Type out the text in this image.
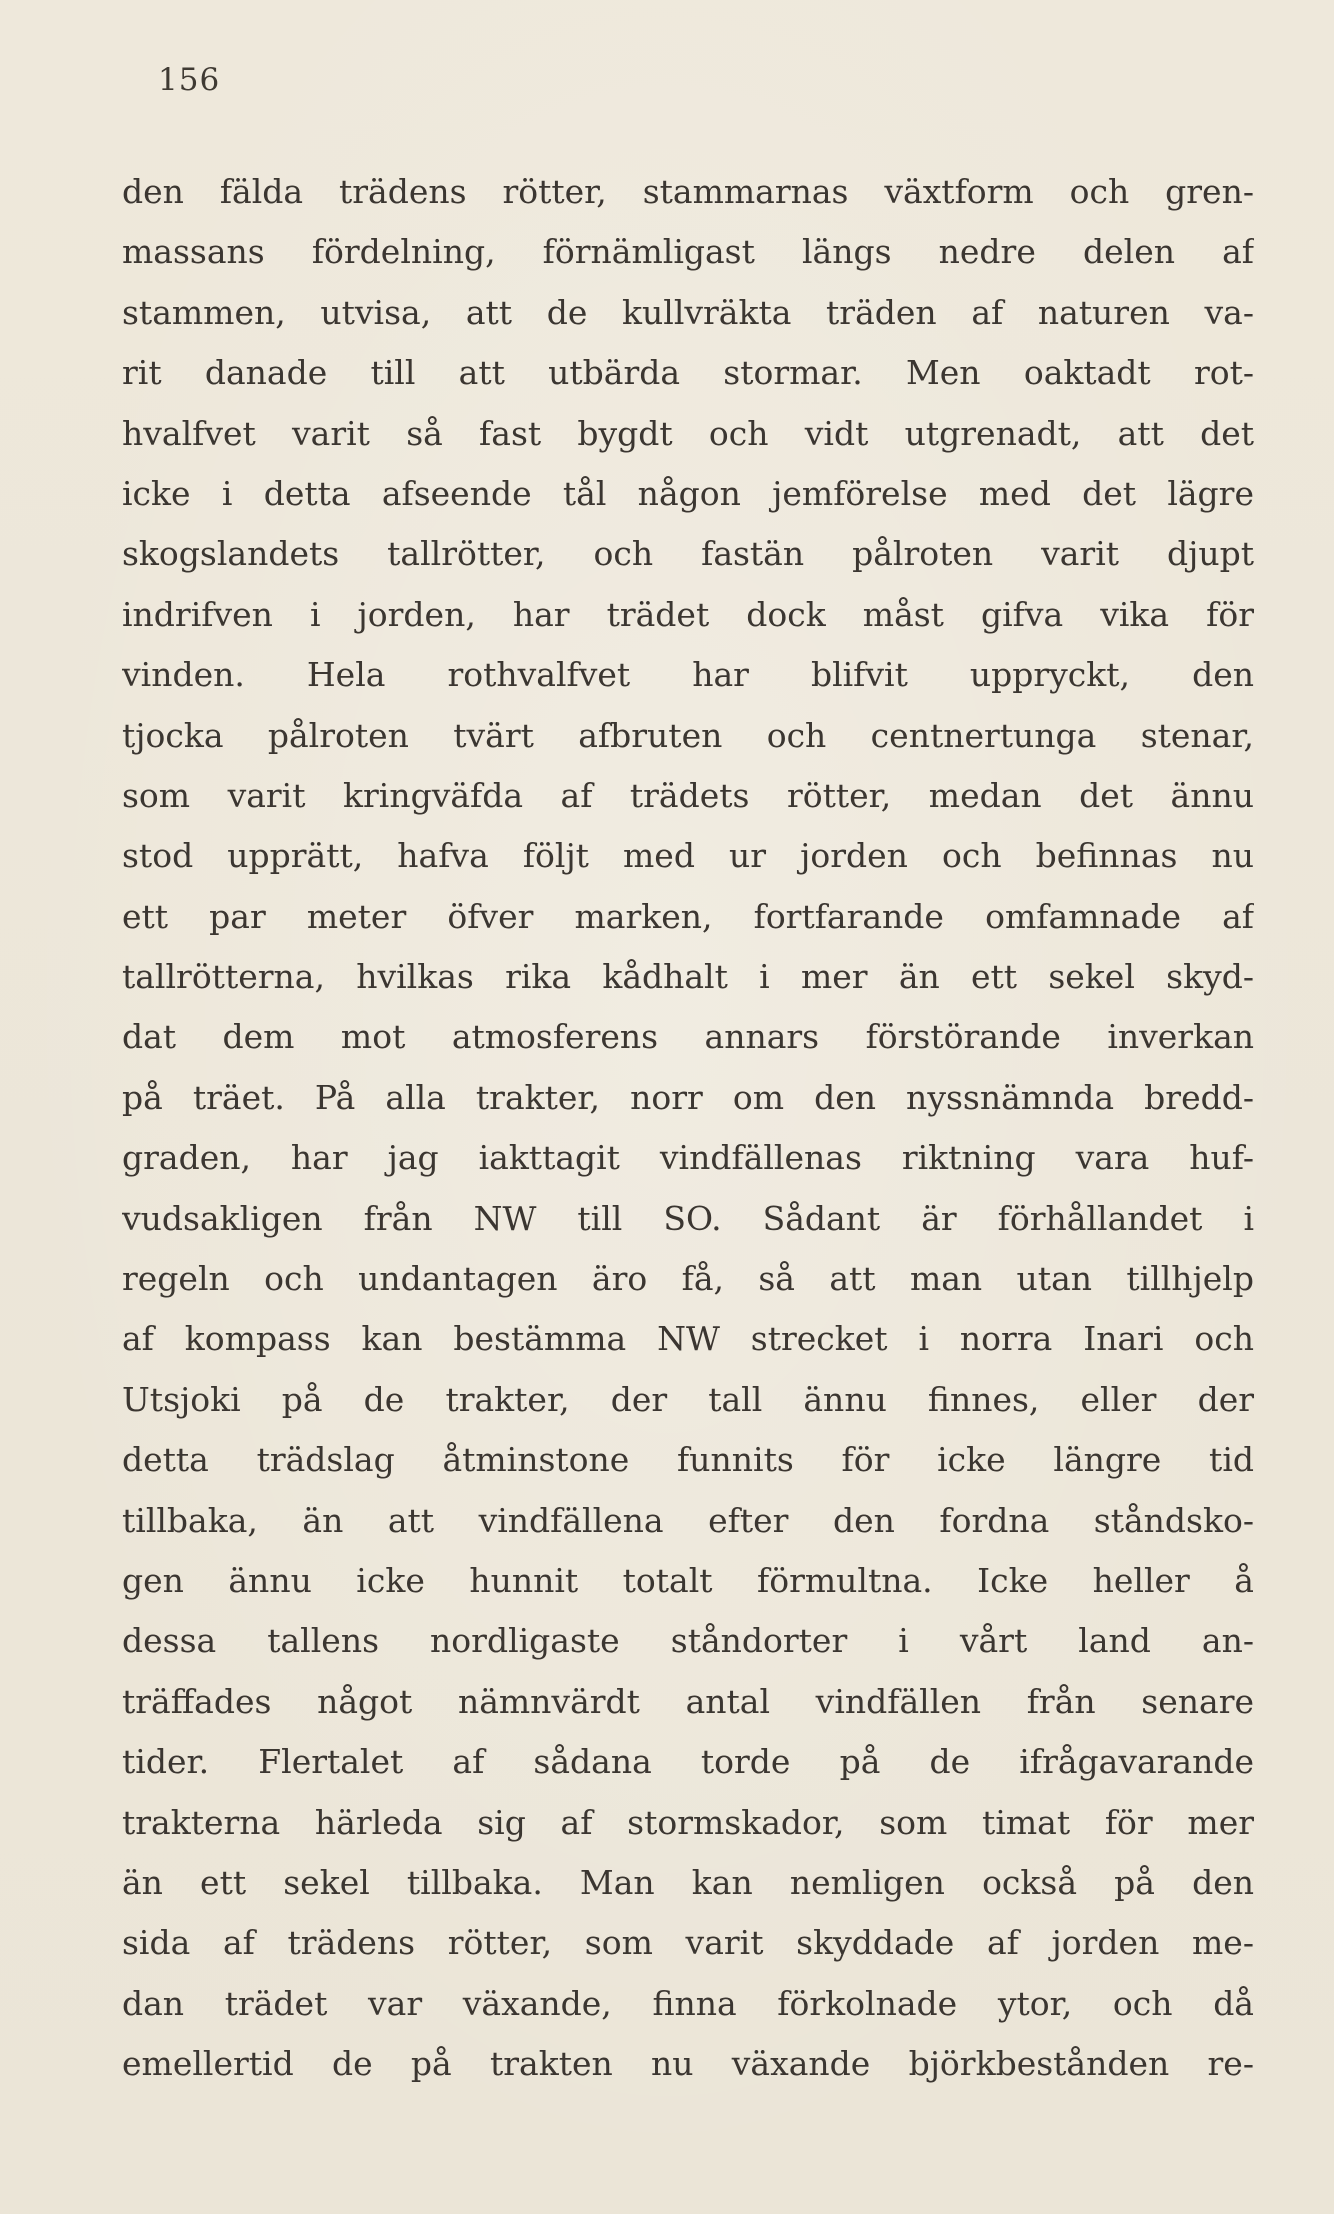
156
den fälda trädens rötter, stammarnas växtform och gren-
massans fördelning, förnämligast längs nedre delen af
stammen, utvisa, att de kullvräkta träden af naturen va-
rit danade till att utbärda stormar. Men oaktadt rot-
hvalfvet varit så fast bygdt och vidt utgrenadt, att det
icke i detta afseende tål någon jemförelse med det lägre
skogslandets tallrötter, och fastän pålroten varit djupt
indrifven i jorden, har trädet dock måst gifva vika för
vinden. Hela rothvalfvet har blifvit uppryckt, den
tjocka pålroten tvärt afbruten och centnertunga stenar,
som varit kringväfda af trädets rötter, medan det ännu
stod upprätt, hafva följt med ur jorden och befinnas nu
ett par meter öfver marken, fortfarande omfamnade af
tallrötterna, hvilkas rika kådhalt i mer än ett sekel skyd-
dat dem mot atmosferens annars förstörande inverkan
på träet. På alla trakter, norr om den nyssnämnda bredd-
graden, har jag iakttagit vindfällenas riktning vara huf-
vudsakligen från NW till SO. Sådant är förhållandet i
regeln och undantagen äro få, så att man utan tillhjelp
af kompass kan bestämma NW strecket i norra Inari och
Utsjoki på de trakter, der tall ännu finnes, eller der
detta trädslag åtminstone funnits för icke längre tid
tillbaka, än att vindfällena efter den fordna ståndsko-
gen ännu icke hunnit totalt förmultna. Icke heller å
dessa tallens nordligaste ståndorter i vårt land an-
träffades något nämnvärdt antal vindfällen från senare
tider. Flertalet af sådana torde på de ifrågavarande
trakterna härleda sig af stormskador, som timat för mer
än ett sekel tillbaka. Man kan nemligen också på den
sida af trädens rötter, som varit skyddade af jorden me-
dan trädet var växande, finna förkolnade ytor, och då
emellertid de på trakten nu växande björkbestånden re-
